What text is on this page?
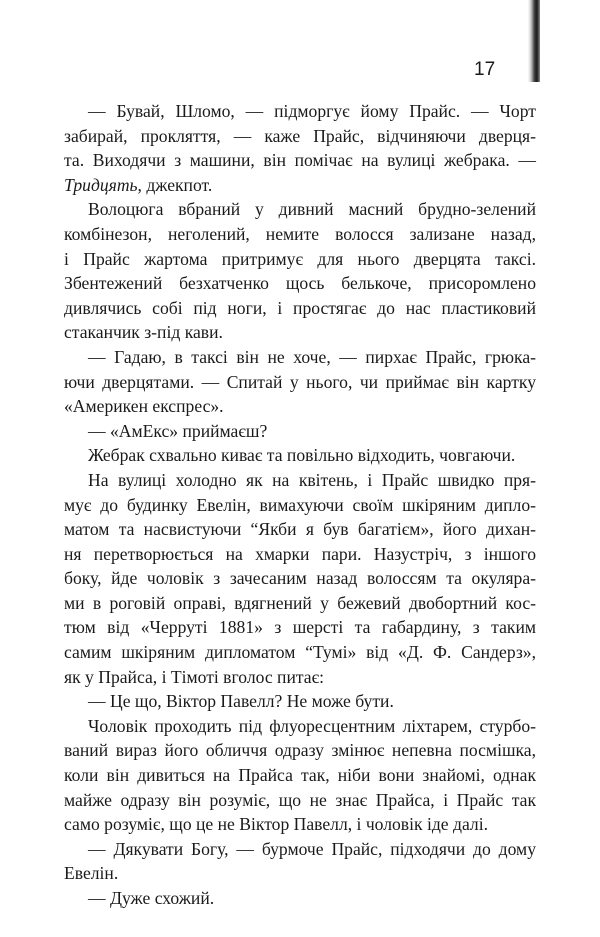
17
— Бувай, Шломо, — підморгує йому Прайс. — Чорт
забирай, прокляття, — каже Прайс, відчиняючи дверця-
та. Виходячи з машини, він помічає на вулиці жебрака. —
Тридцять, джекпот.
Волоцюга вбраний у дивний масний брудно-зелений
комбінезон, неголений, немите волосся зализане назад,
і Прайс жартома притримує для нього дверцята таксі.
Збентежений безхатченко щось белькоче, присоромлено
дивлячись собі під ноги, і простягає до нас пластиковий
стаканчик з-під кави.
— Гадаю, в таксі він не хоче, — пирхає Прайс, грюка-
ючи дверцятами. — Спитай у нього, чи приймає він картку
«Америкен експрес».
— «АмЕкс» приймаєш?
Жебрак схвально киває та повільно відходить, човгаючи.
На вулиці холодно як на квітень, і Прайс швидко пря-
мує до будинку Евелін, вимахуючи своїм шкіряним дипло-
матом та насвистуючи “Якби я був багатієм», його дихан-
ня перетворюється на хмарки пари. Назустріч, з іншого
боку, йде чоловік з зачесаним назад волоссям та окуляра-
ми в роговій оправі, вдягнений у бежевий двобортний кос-
тюм від «Черруті 1881» з шерсті та габардину, з таким
самим шкіряним дипломатом “Тумі» від «Д. Ф. Сандерз»,
як у Прайса, і Тімоті вголос питає:
— Це що, Віктор Павелл? Не може бути.
Чоловік проходить під флуоресцентним ліхтарем, стурбо-
ваний вираз його обличчя одразу змінює непевна посмішка,
коли він дивиться на Прайса так, ніби вони знайомі, однак
майже одразу він розуміє, що не знає Прайса, і Прайс так
само розуміє, що це не Віктор Павелл, і чоловік іде далі.
— Дякувати Богу, — бурмоче Прайс, підходячи до дому
Евелін.
— Дуже схожий.
